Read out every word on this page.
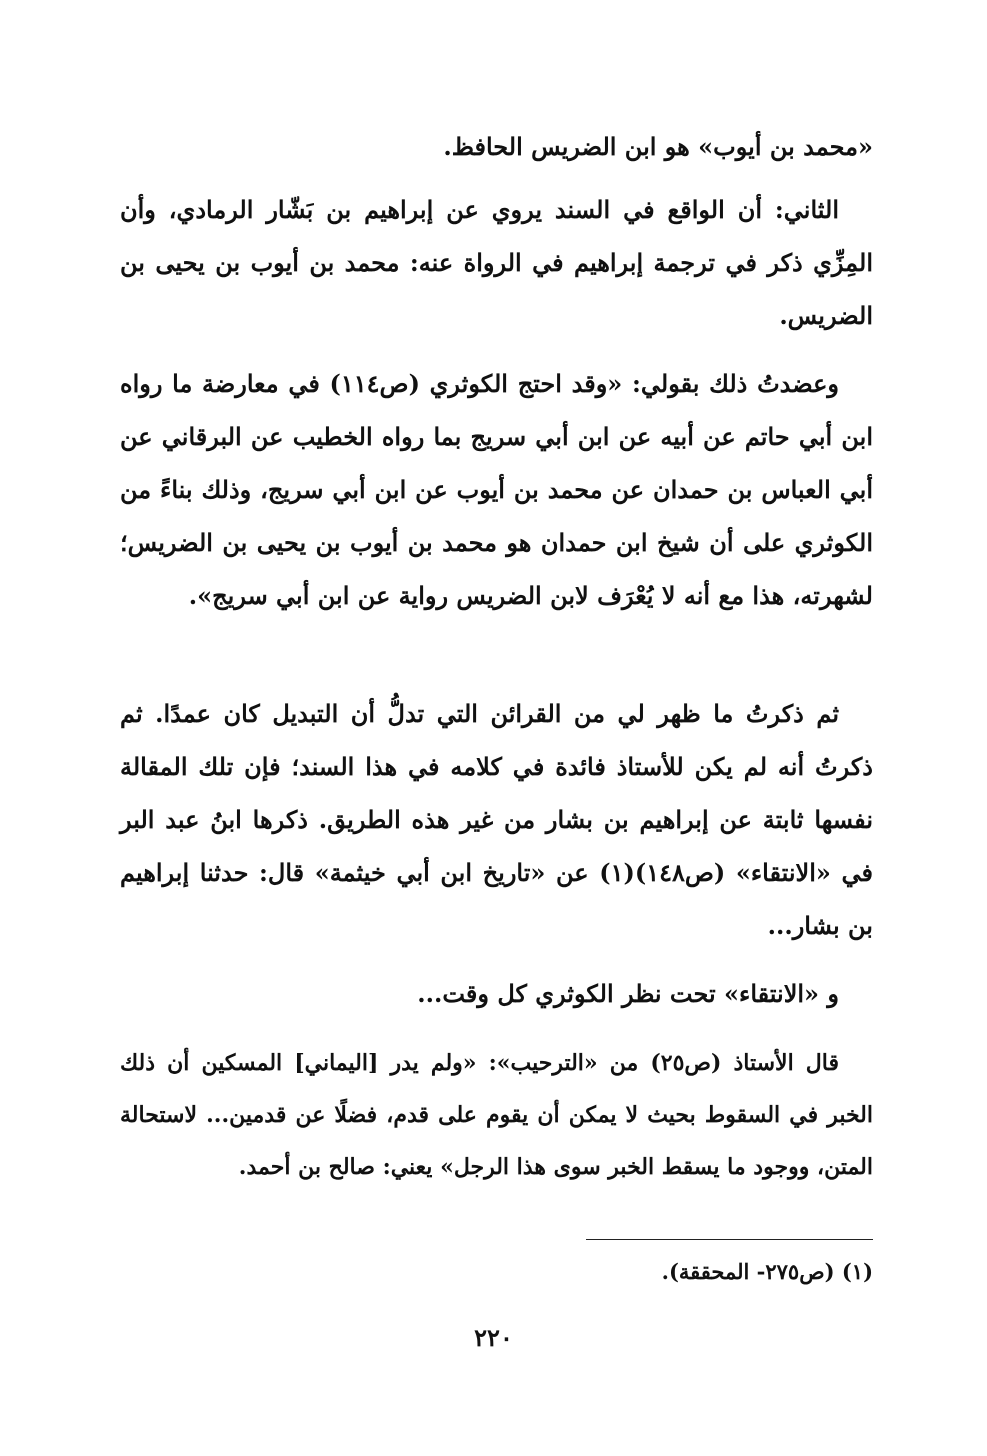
«محمد بن أيوب» هو ابن الضريس الحافظ.

الثاني: أن الواقع في السند يروي عن إبراهيم بن بَشّار الرمادي، وأن المِزِّي ذكر في ترجمة إبراهيم في الرواة عنه: محمد بن أيوب بن يحيى بن الضريس.

وعضدتُ ذلك بقولي: «وقد احتج الكوثري (ص١١٤) في معارضة ما رواه ابن أبي حاتم عن أبيه عن ابن أبي سريج بما رواه الخطيب عن البرقاني عن أبي العباس بن حمدان عن محمد بن أيوب عن ابن أبي سريج، وذلك بناءً من الكوثري على أن شيخ ابن حمدان هو محمد بن أيوب بن يحيى بن الضريس؛ لشهرته، هذا مع أنه لا يُعْرَف لابن الضريس رواية عن ابن أبي سريج».

ثم ذكرتُ ما ظهر لي من القرائن التي تدلُّ أن التبديل كان عمدًا. ثم ذكرتُ أنه لم يكن للأستاذ فائدة في كلامه في هذا السند؛ فإن تلك المقالة نفسها ثابتة عن إبراهيم بن بشار من غير هذه الطريق. ذكرها ابنُ عبد البر في «الانتقاء» (ص١٤٨)(١) عن «تاريخ ابن أبي خيثمة» قال: حدثنا إبراهيم بن بشار...

و «الانتقاء» تحت نظر الكوثري كل وقت...

قال الأستاذ (ص٢٥) من «الترحيب»: «ولم يدر [اليماني] المسكين أن ذلك الخبر في السقوط بحيث لا يمكن أن يقوم على قدم، فضلًا عن قدمين... لاستحالة المتن، ووجود ما يسقط الخبر سوى هذا الرجل» يعني: صالح بن أحمد.

(١) (ص٢٧٥- المحققة).
٢٢٠
